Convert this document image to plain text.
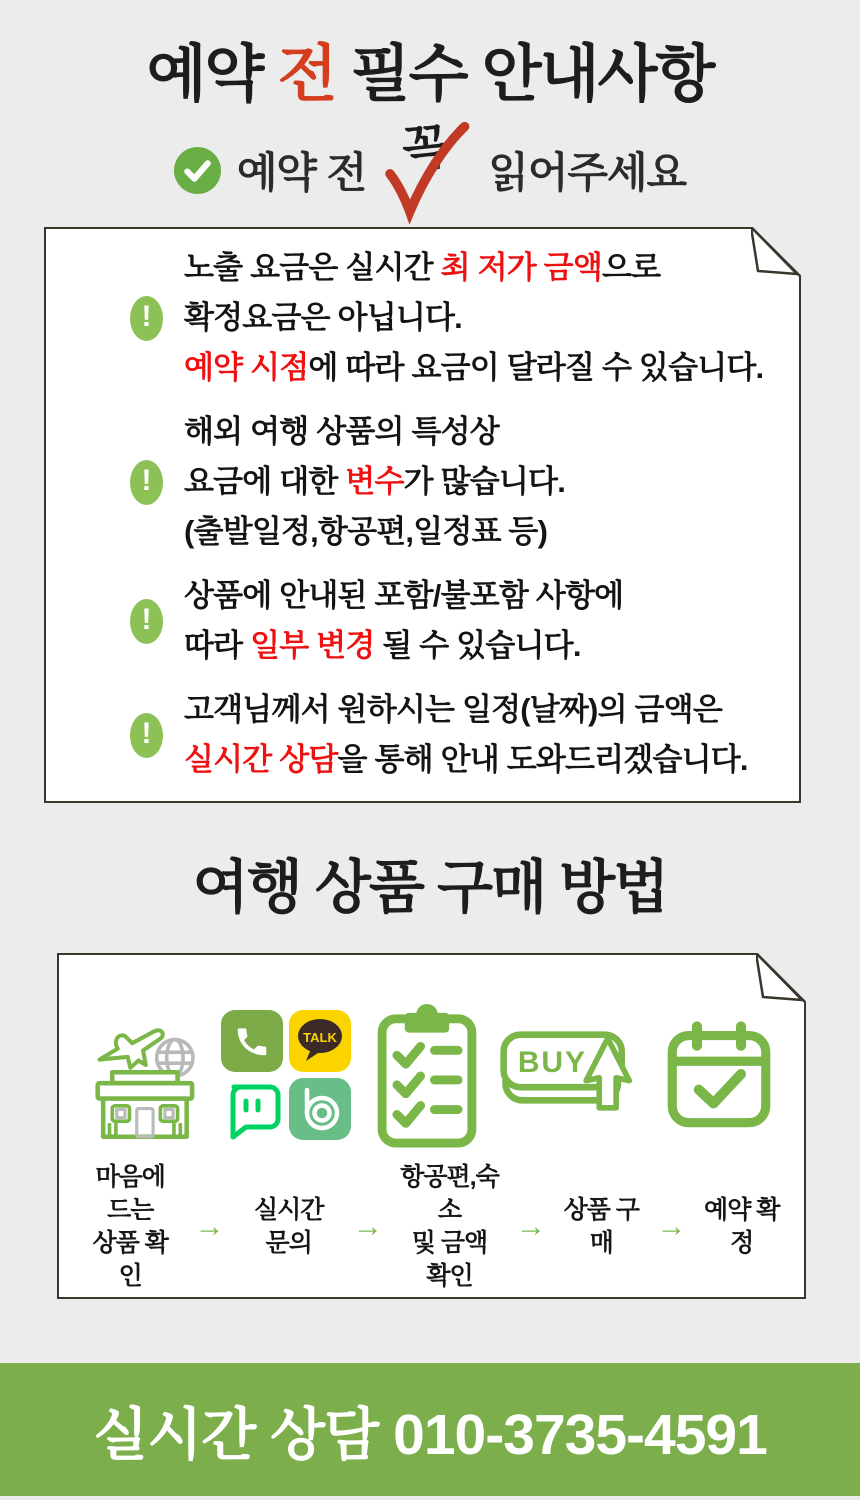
예약 전 필수 안내사항
예약 전 꼭 읽어주세요
!
노출 요금은 실시간 최 저가 금액으로
확정요금은 아닙니다.
예약 시점에 따라 요금이 달라질 수 있습니다.
!
해외 여행 상품의 특성상
요금에 대한 변수가 많습니다.
(출발일정,항공편,일정표 등)
!
상품에 안내된 포함/불포함 사항에
따라 일부 변경 될 수 있습니다.
!
고객님께서 원하시는 일정(날짜)의 금액은
실시간 상담을 통해 안내 도와드리겠습니다.
여행 상품 구매 방법
TALK
BUY
마음에 드는
상품 확인
→	실시간 문의	→
항공편,숙소
및 금액 확인
→ 상품 구매	→ 예약 확정
실시간 상담 010-3735-4591
